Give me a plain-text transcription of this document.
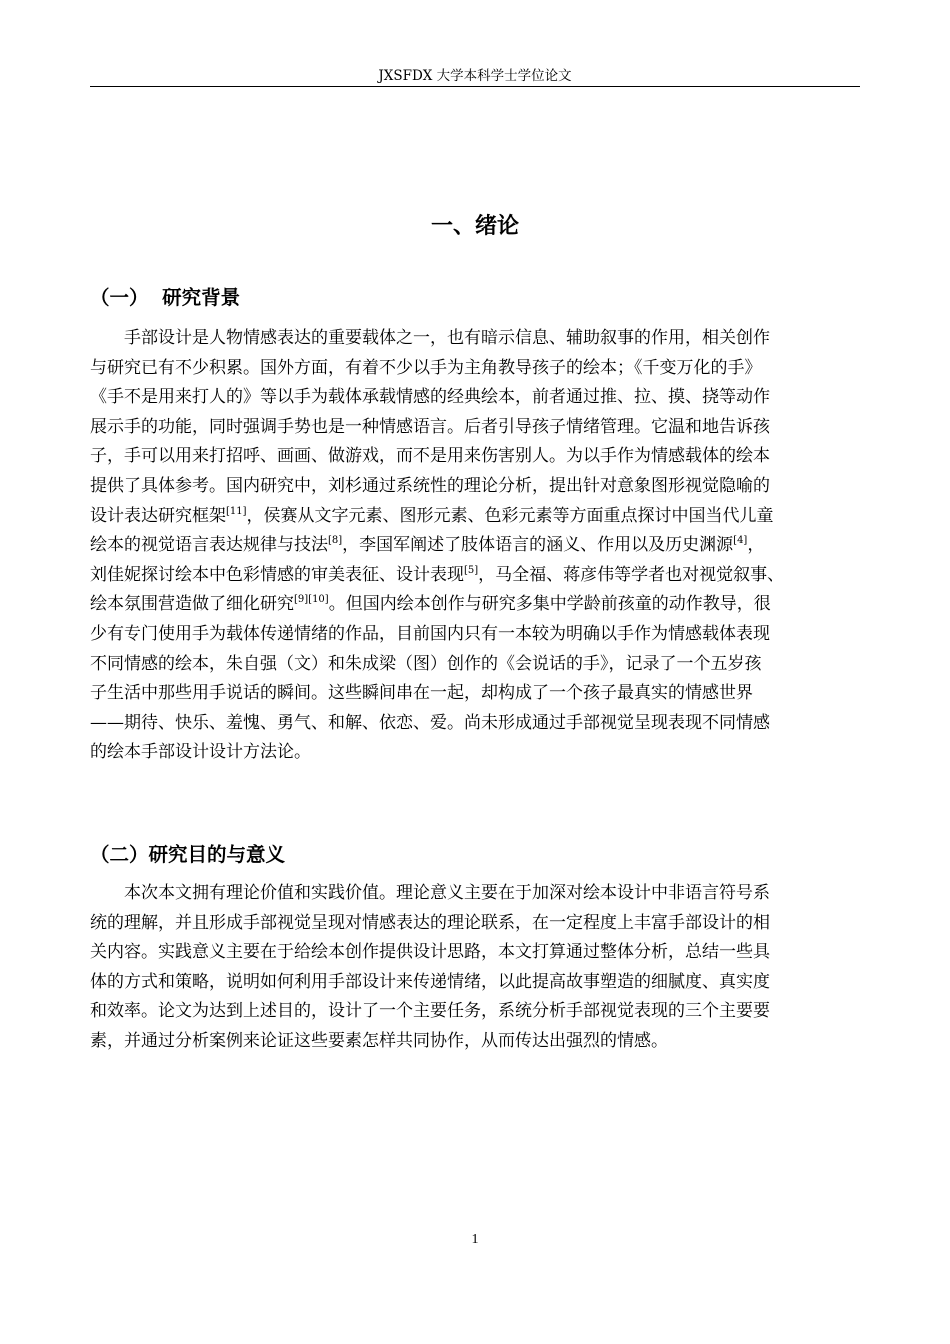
JXSFDX 大学本科学士学位论文
一、绪论
（一）  研究背景
手部设计是人物情感表达的重要载体之一，也有暗示信息、辅助叙事的作用，相关创作
与研究已有不少积累。国外方面，有着不少以手为主角教导孩子的绘本；《千变万化的手》
《手不是用来打人的》等以手为载体承载情感的经典绘本，前者通过推、拉、摸、挠等动作
展示手的功能，同时强调手势也是一种情感语言。后者引导孩子情绪管理。它温和地告诉孩
子，手可以用来打招呼、画画、做游戏，而不是用来伤害别人。为以手作为情感载体的绘本
提供了具体参考。国内研究中，刘杉通过系统性的理论分析，提出针对意象图形视觉隐喻的
设计表达研究框架[11]，侯赛从文字元素、图形元素、色彩元素等方面重点探讨中国当代儿童
绘本的视觉语言表达规律与技法[8]，李国军阐述了肢体语言的涵义、作用以及历史渊源[4]，
刘佳妮探讨绘本中色彩情感的审美表征、设计表现[5]，马全福、蒋彦伟等学者也对视觉叙事、
绘本氛围营造做了细化研究[9][10]。但国内绘本创作与研究多集中学龄前孩童的动作教导，很
少有专门使用手为载体传递情绪的作品，目前国内只有一本较为明确以手作为情感载体表现
不同情感的绘本，朱自强（文）和朱成梁（图）创作的《会说话的手》，记录了一个五岁孩
子生活中那些用手说话的瞬间。这些瞬间串在一起，却构成了一个孩子最真实的情感世界
——期待、快乐、羞愧、勇气、和解、依恋、爱。尚未形成通过手部视觉呈现表现不同情感
的绘本手部设计设计方法论。
（二）研究目的与意义
本次本文拥有理论价值和实践价值。理论意义主要在于加深对绘本设计中非语言符号系
统的理解，并且形成手部视觉呈现对情感表达的理论联系，在一定程度上丰富手部设计的相
关内容。实践意义主要在于给绘本创作提供设计思路，本文打算通过整体分析，总结一些具
体的方式和策略，说明如何利用手部设计来传递情绪，以此提高故事塑造的细腻度、真实度
和效率。论文为达到上述目的，设计了一个主要任务，系统分析手部视觉表现的三个主要要
素，并通过分析案例来论证这些要素怎样共同协作，从而传达出强烈的情感。
1
